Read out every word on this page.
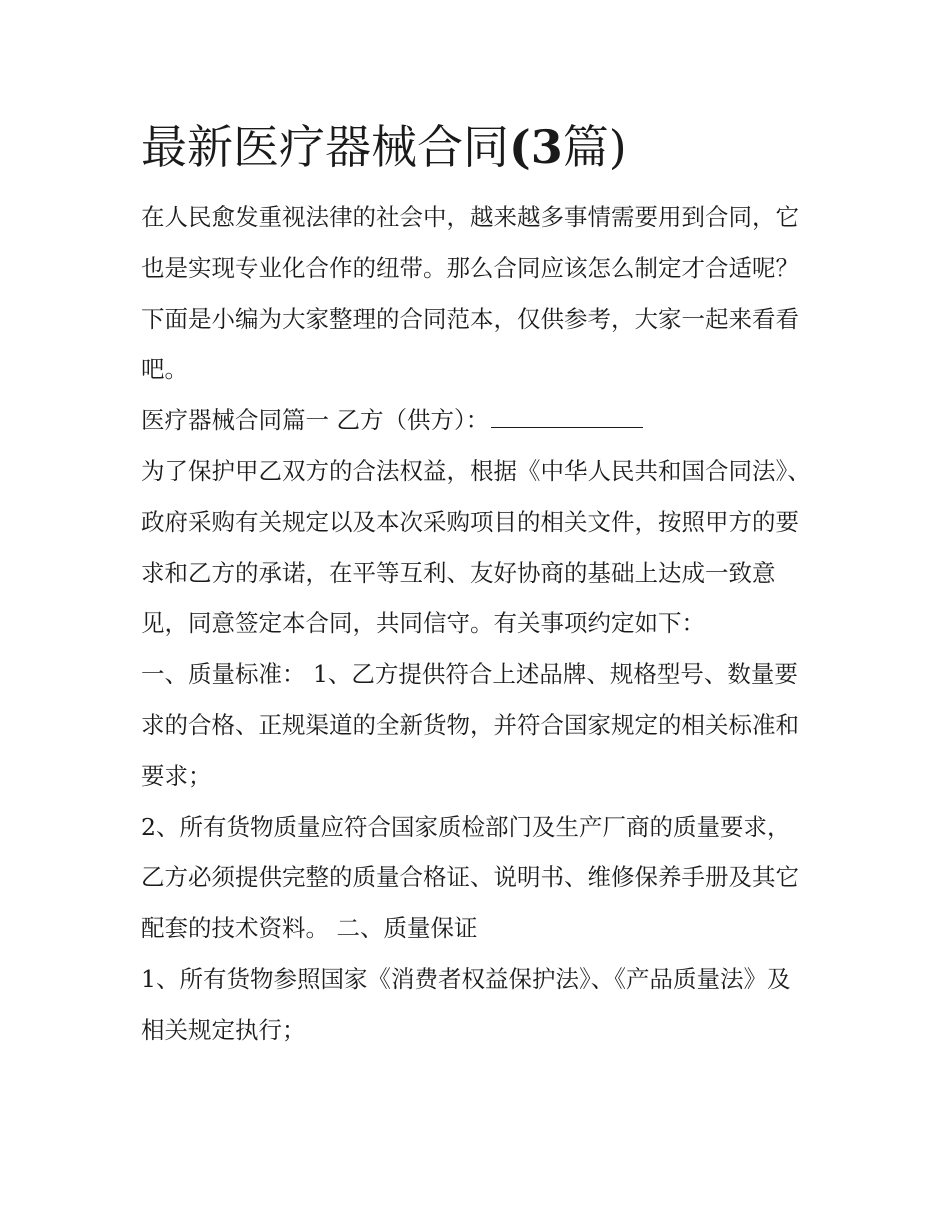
最新医疗器械合同(3篇)

在人民愈发重视法律的社会中，越来越多事情需要用到合同，它也是实现专业化合作的纽带。那么合同应该怎么制定才合适呢？下面是小编为大家整理的合同范本，仅供参考，大家一起来看看吧。

医疗器械合同篇一 乙方（供方）：

为了保护甲乙双方的合法权益，根据《中华人民共和国合同法》、政府采购有关规定以及本次采购项目的相关文件，按照甲方的要求和乙方的承诺，在平等互利、友好协商的基础上达成一致意见，同意签定本合同，共同信守。有关事项约定如下：

一、质量标准： 1、乙方提供符合上述品牌、规格型号、数量要求的合格、正规渠道的全新货物，并符合国家规定的相关标准和要求；

2、所有货物质量应符合国家质检部门及生产厂商的质量要求，乙方必须提供完整的质量合格证、说明书、维修保养手册及其它配套的技术资料。 二、质量保证

1、所有货物参照国家《消费者权益保护法》、《产品质量法》及相关规定执行；
